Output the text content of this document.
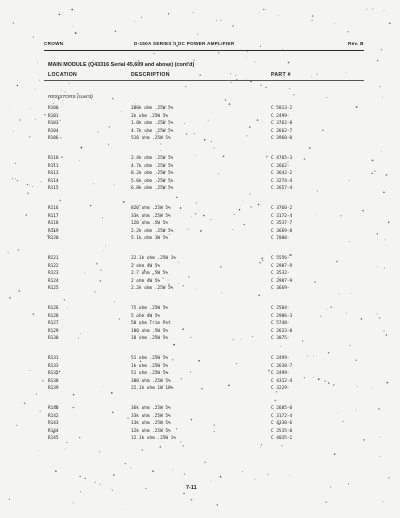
CROWN	D-150A SERIES II DC POWER AMPLIFIER	Rev. B
MAIN MODULE (Q43316 Serial 45,609 and above) (cont'd)
LOCATION	DESCRIPTION	PART #
RESISTORS (cont'd)
R100	200k ohm .25W 5%	C 5013-2
R101	2k ohm .25W 5%	C 2499-
R103	1.8k ohm .25W 5%	C 3762-8
R104	4.7k ohm .25W 5%	C 2662-7
R106	510 ohm .25W 5%	C 3960-0
R110	2.4k ohm .25W 5%	C 4765-3
R111	4.7k ohm .25W 5%	C 2662-
R113	8.2k ohm .25W 5%	C 3642-2
R114	5.6k ohm .25W 5%	C 3274-4
R115	6.8k ohm .25W 5%	C 2657-4
R116	820 ohm .25W 5%	C 3760-2
R117	33k ohm .25W 5%	C 3172-4
R118	120 ohm .5W 5%	C 3537-7
R119	2.2k ohm .25W 5%	C 3669-8
R120	5.1k ohm 1W 5%	C 7008-
R121	22.1k ohm .25W 1%	C 5556-
R122	2 ohm 4W 5%	C 2987-9
R123	2.7 ohm .5W 5%	C 3532-
R124	2 ohm 4W 5%	C 2987-9
R125	2.2k ohm .25W 5%	C 3669-
R126	75 ohm .25W 5%	C 2504-
R128	5 ohm 4W 5%	C 2986-3
R127	50 ohm Trim Pot	C 5748-
R129	100 ohm .5W 5%	C 2613-0
R130	18 ohm .25W 5%	C 3075-
R131	51 ohm .25W 5%	C 2499-
R133	1k ohm .25W 5%	C 2638-7
R135	51 ohm .25W 5%	C 2499-
R138	300 ohm .25W 5%	C 4312-4
R139	22.1k ohm 1W 10%	C 3229-
R140	36k ohm .25W 5%	C 2685-0
R142	33k ohm .25W 5%	C 3172-4
R143	13k ohm .25W 5%	C 4330-6
R144	12k ohm .25W 5%	C 3535-0
R145	12.1k ohm .25W 1%	C 4035-1
7-11
